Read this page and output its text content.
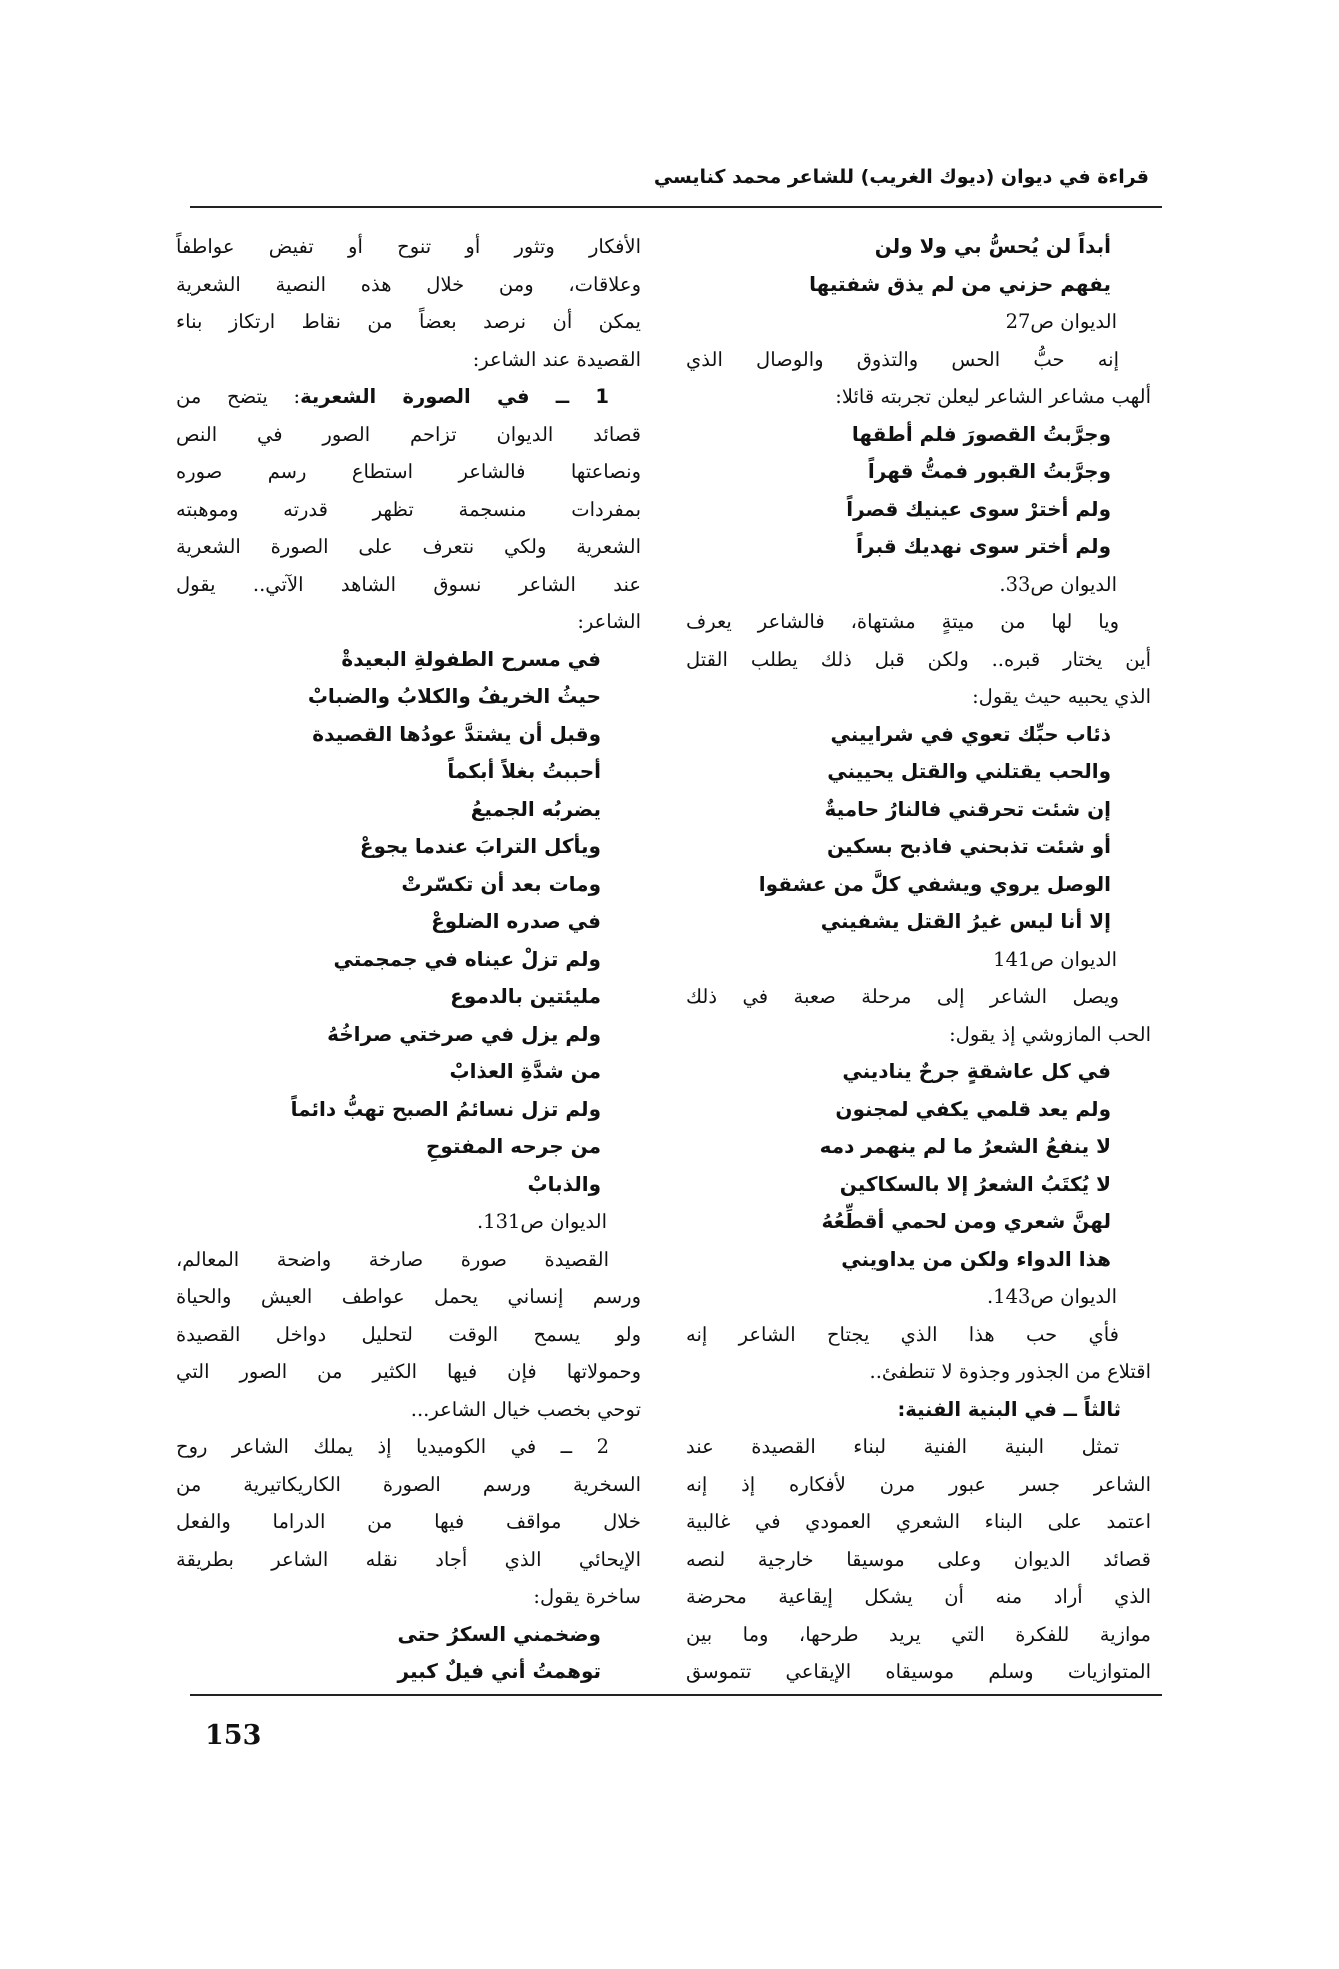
قراءة في ديوان (ديوك الغريب) للشاعر محمد كنايسي
أبداً لن يُحسُّ بي ولا ولن
يفهم حزني من لم يذق شفتيها
الديوان ص27
إنه حبُّ الحس والتذوق والوصال الذي
ألهب مشاعر الشاعر ليعلن تجربته قائلا:
وجرَّبتُ القصورَ فلم أطقها
وجرَّبتُ القبور فمتُّ قهراً
ولم أخترْ سوى عينيك قصراً
ولم أختر سوى نهديك قبراً
الديوان ص33.
ويا لها من ميتةٍ مشتهاة، فالشاعر يعرف
أين يختار قبره.. ولكن قبل ذلك يطلب القتل
الذي يحبيه حيث يقول:
ذئاب حبِّك تعوي في شراييني
والحب يقتلني والقتل يحييني
إن شئت تحرقني فالنارُ حاميةٌ
أو شئت تذبحني فاذبح بسكين
الوصل يروي ويشفي كلَّ من عشقوا
إلا أنا ليس غيرُ القتل يشفيني
الديوان ص141
ويصل الشاعر إلى مرحلة صعبة في ذلك
الحب المازوشي إذ يقول:
في كل عاشقةٍ جرحٌ يناديني
ولم يعد قلمي يكفي لمجنون
لا ينفعُ الشعرُ ما لم ينهمر دمه
لا يُكتَبُ الشعرُ إلا بالسكاكين
لهنَّ شعري ومن لحمي أقطِّعُهُ
هذا الدواء ولكن من يداويني
الديوان ص143.
فأي حب هذا الذي يجتاح الشاعر إنه
اقتلاع من الجذور وجذوة لا تنطفئ..
ثالثاً ــ في البنية الفنية:
تمثل البنية الفنية لبناء القصيدة عند
الشاعر جسر عبور مرن لأفكاره إذ إنه
اعتمد على البناء الشعري العمودي في غالبية
قصائد الديوان وعلى موسيقا خارجية لنصه
الذي أراد منه أن يشكل إيقاعية محرضة
موازية للفكرة التي يريد طرحها، وما بين
المتوازيات وسلم موسيقاه الإيقاعي تتموسق
الأفكار وتثور أو تنوح أو تفيض عواطفاً
وعلاقات، ومن خلال هذه النصية الشعرية
يمكن أن نرصد بعضاً من نقاط ارتكاز بناء
القصيدة عند الشاعر:
1 ــ في الصورة الشعرية: يتضح من
قصائد الديوان تزاحم الصور في النص
ونصاعتها فالشاعر استطاع رسم صوره
بمفردات منسجمة تظهر قدرته وموهبته
الشعرية ولكي نتعرف على الصورة الشعرية
عند الشاعر نسوق الشاهد الآتي.. يقول
الشاعر:
في مسرح الطفولةِ البعيدةْ
حيثُ الخريفُ والكلابُ والضبابْ
وقبل أن يشتدَّ عودُها القصيدة
أحببتُ بغلاً أبكماً
يضربُه الجميعُ
ويأكل الترابَ عندما يجوعْ
ومات بعد أن تكسّرتْ
في صدره الضلوعْ
ولم تزلْ عيناه في جمجمتي
مليئتين بالدموع
ولم يزل في صرختي صراخُهُ
من شدَّةِ العذابْ
ولم تزل نسائمُ الصبح تهبُّ دائماً
من جرحه المفتوحِ
والذبابْ
الديوان ص131.
القصيدة صورة صارخة واضحة المعالم،
ورسم إنساني يحمل عواطف العيش والحياة
ولو يسمح الوقت لتحليل دواخل القصيدة
وحمولاتها فإن فيها الكثير من الصور التي
توحي بخصب خيال الشاعر...
2 ــ في الكوميديا إذ يملك الشاعر روح
السخرية ورسم الصورة الكاريكاتيرية من
خلال مواقف فيها من الدراما والفعل
الإيحائي الذي أجاد نقله الشاعر بطريقة
ساخرة يقول:
وضخمني السكرُ حتى
توهمتُ أني فيلٌ كبير
153
